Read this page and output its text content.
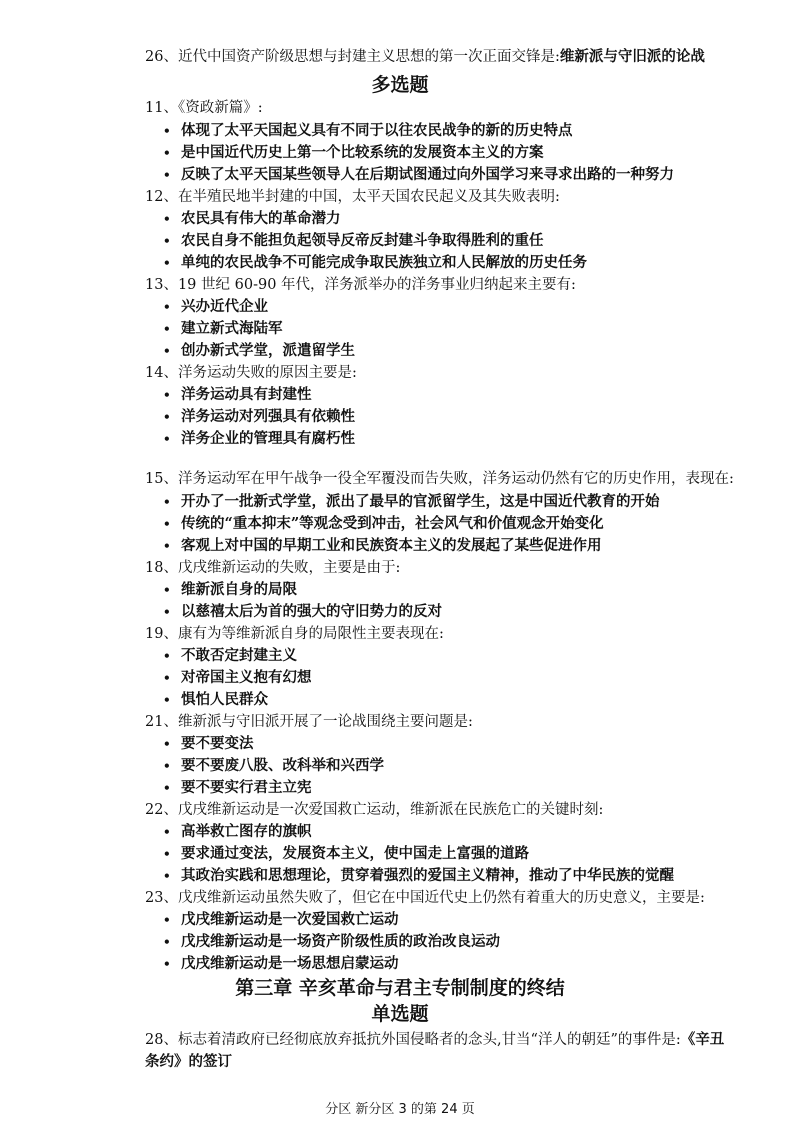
26、近代中国资产阶级思想与封建主义思想的第一次正面交锋是:维新派与守旧派的论战
多选题
11、《资政新篇》:
• 体现了太平天国起义具有不同于以往农民战争的新的历史特点
• 是中国近代历史上第一个比较系统的发展资本主义的方案
• 反映了太平天国某些领导人在后期试图通过向外国学习来寻求出路的一种努力
12、在半殖民地半封建的中国，太平天国农民起义及其失败表明:
• 农民具有伟大的革命潜力
• 农民自身不能担负起领导反帝反封建斗争取得胜利的重任
• 单纯的农民战争不可能完成争取民族独立和人民解放的历史任务
13、19 世纪 60-90 年代，洋务派举办的洋务事业归纳起来主要有:
• 兴办近代企业
• 建立新式海陆军
• 创办新式学堂，派遣留学生
14、洋务运动失败的原因主要是:
• 洋务运动具有封建性
• 洋务运动对列强具有依赖性
• 洋务企业的管理具有腐朽性
15、洋务运动军在甲午战争一役全军覆没而告失败，洋务运动仍然有它的历史作用，表现在:
• 开办了一批新式学堂，派出了最早的官派留学生，这是中国近代教育的开始
• 传统的“重本抑末”等观念受到冲击，社会风气和价值观念开始变化
• 客观上对中国的早期工业和民族资本主义的发展起了某些促进作用
18、戊戌维新运动的失败，主要是由于:
• 维新派自身的局限
• 以慈禧太后为首的强大的守旧势力的反对
19、康有为等维新派自身的局限性主要表现在:
• 不敢否定封建主义
• 对帝国主义抱有幻想
• 惧怕人民群众
21、维新派与守旧派开展了一论战围绕主要问题是:
• 要不要变法
• 要不要废八股、改科举和兴西学
• 要不要实行君主立宪
22、戊戌维新运动是一次爱国救亡运动，维新派在民族危亡的关键时刻:
• 高举救亡图存的旗帜
• 要求通过变法，发展资本主义，使中国走上富强的道路
• 其政治实践和思想理论，贯穿着强烈的爱国主义精神，推动了中华民族的觉醒
23、戊戌维新运动虽然失败了，但它在中国近代史上仍然有着重大的历史意义，主要是:
• 戊戌维新运动是一次爱国救亡运动
• 戊戌维新运动是一场资产阶级性质的政治改良运动
• 戊戌维新运动是一场思想启蒙运动
第三章 辛亥革命与君主专制制度的终结
单选题
28、标志着清政府已经彻底放弃抵抗外国侵略者的念头,甘当“洋人的朝廷”的事件是:《辛丑
条约》的签订
分区 新分区 3 的第 24 页
